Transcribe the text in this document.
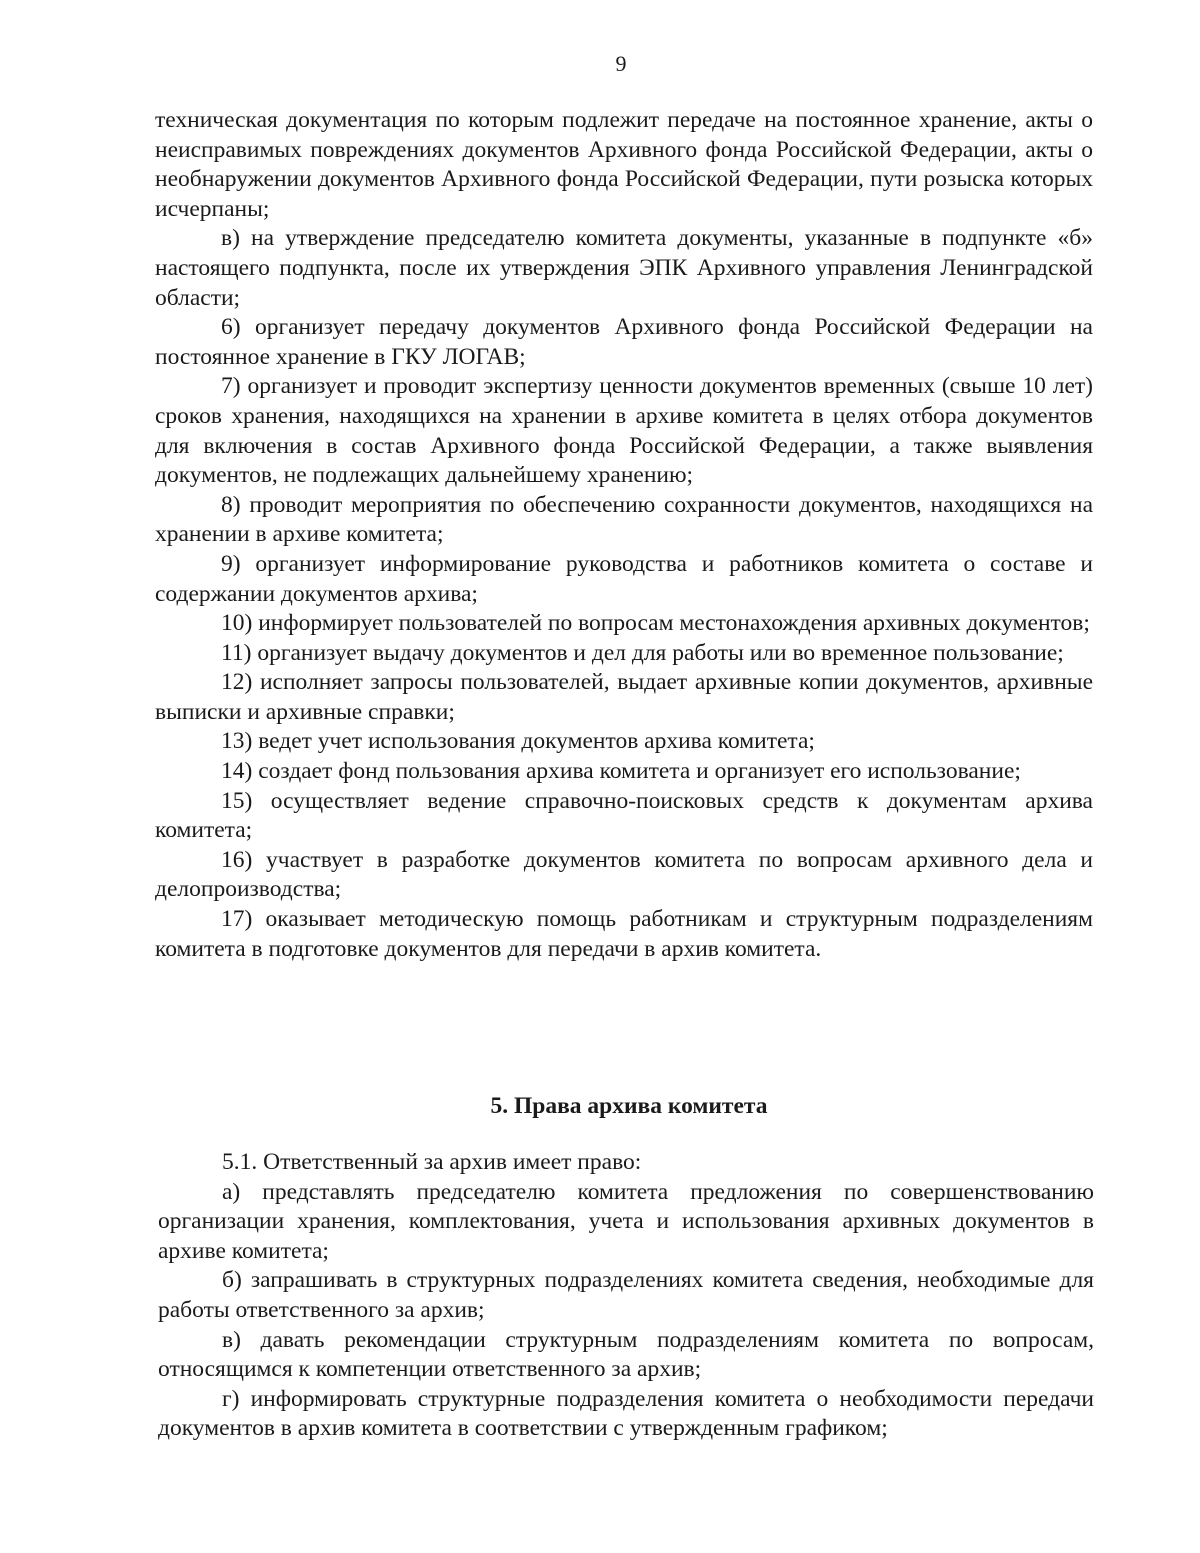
9

техническая документация по которым подлежит передаче на постоянное хранение, акты о неисправимых повреждениях документов Архивного фонда Российской Федерации, акты о необнаружении документов Архивного фонда Российской Федерации, пути розыска которых исчерпаны;

в) на утверждение председателю комитета документы, указанные в подпункте «б» настоящего подпункта, после их утверждения ЭПК Архивного управления Ленинградской области;

6) организует передачу документов Архивного фонда Российской Федерации на постоянное хранение в ГКУ ЛОГАВ;

7) организует и проводит экспертизу ценности документов временных (свыше 10 лет) сроков хранения, находящихся на хранении в архиве комитета в целях отбора документов для включения в состав Архивного фонда Российской Федерации, а также выявления документов, не подлежащих дальнейшему хранению;

8) проводит мероприятия по обеспечению сохранности документов, находящихся на хранении в архиве комитета;

9) организует информирование руководства и работников комитета о составе и содержании документов архива;

10) информирует пользователей по вопросам местонахождения архивных документов;

11) организует выдачу документов и дел для работы или во временное пользование;

12) исполняет запросы пользователей, выдает архивные копии документов, архивные выписки и архивные справки;

13) ведет учет использования документов архива комитета;

14) создает фонд пользования архива комитета и организует его использование;

15) осуществляет ведение справочно-поисковых средств к документам архива комитета;

16) участвует в разработке документов комитета по вопросам архивного дела и делопроизводства;

17) оказывает методическую помощь работникам и структурным подразделениям комитета в подготовке документов для передачи в архив комитета.

5. Права архива комитета

5.1. Ответственный за архив имеет право:

а) представлять председателю комитета предложения по совершенствованию организации хранения, комплектования, учета и использования архивных документов в архиве комитета;

б) запрашивать в структурных подразделениях комитета сведения, необходимые для работы ответственного за архив;

в) давать рекомендации структурным подразделениям комитета по вопросам, относящимся к компетенции ответственного за архив;

г) информировать структурные подразделения комитета о необходимости передачи документов в архив комитета в соответствии с утвержденным графиком;
